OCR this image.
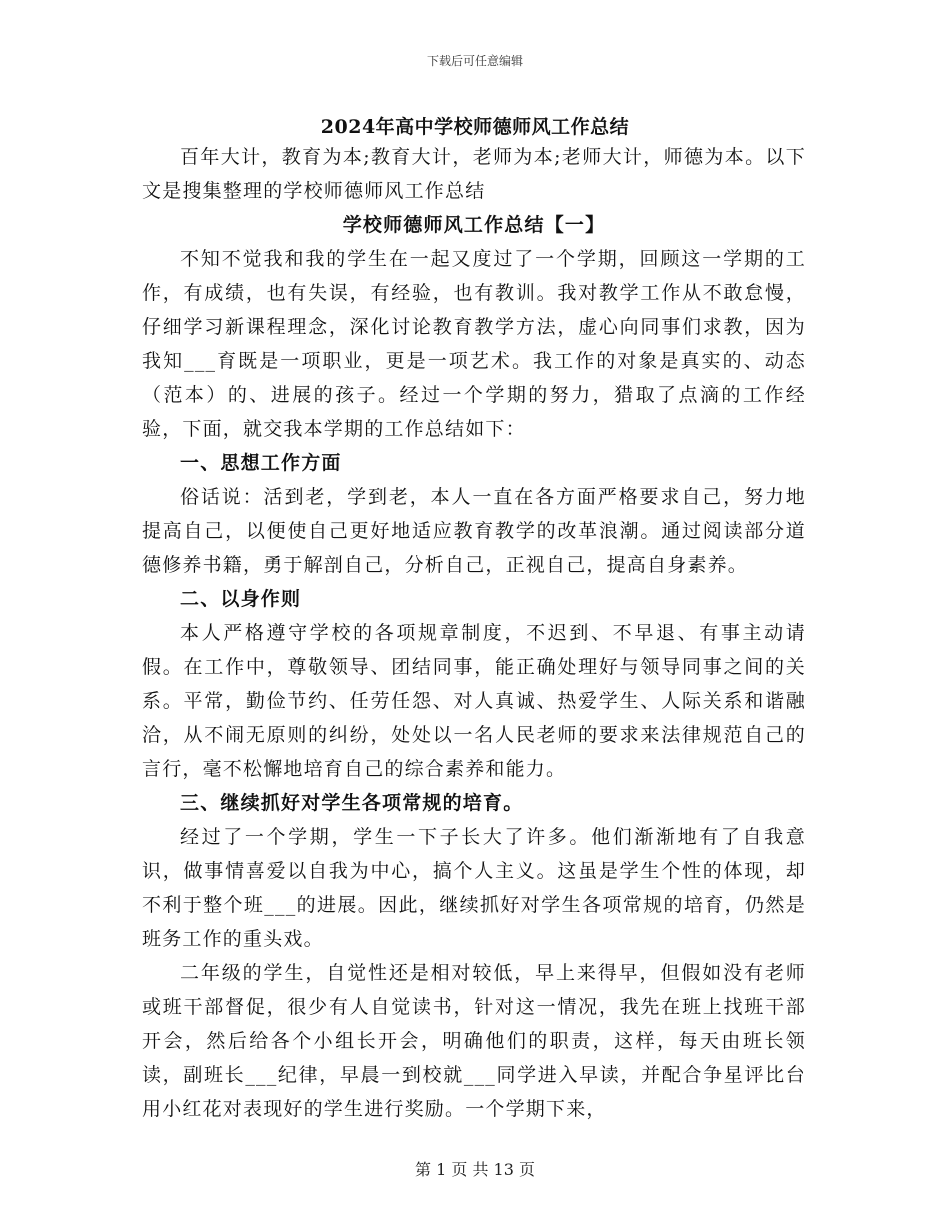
下载后可任意编辑
2024年高中学校师德师风工作总结

百年大计，教育为本;教育大计，老师为本;老师大计，师德为本。以下文是搜集整理的学校师德师风工作总结

学校师德师风工作总结【一】

不知不觉我和我的学生在一起又度过了一个学期，回顾这一学期的工作，有成绩，也有失误，有经验，也有教训。我对教学工作从不敢怠慢，仔细学习新课程理念，深化讨论教育教学方法，虚心向同事们求教，因为我知___育既是一项职业，更是一项艺术。我工作的对象是真实的、动态（范本）的、进展的孩子。经过一个学期的努力，猎取了点滴的工作经验，下面，就交我本学期的工作总结如下：

一、思想工作方面

俗话说：活到老，学到老，本人一直在各方面严格要求自己，努力地提高自己，以便使自己更好地适应教育教学的改革浪潮。通过阅读部分道德修养书籍，勇于解剖自己，分析自己，正视自己，提高自身素养。

二、以身作则

本人严格遵守学校的各项规章制度，不迟到、不早退、有事主动请假。在工作中，尊敬领导、团结同事，能正确处理好与领导同事之间的关系。平常，勤俭节约、任劳任怨、对人真诚、热爱学生、人际关系和谐融洽，从不闹无原则的纠纷，处处以一名人民老师的要求来法律规范自己的言行，毫不松懈地培育自己的综合素养和能力。

三、继续抓好对学生各项常规的培育。

经过了一个学期，学生一下子长大了许多。他们渐渐地有了自我意识，做事情喜爱以自我为中心，搞个人主义。这虽是学生个性的体现，却不利于整个班___的进展。因此，继续抓好对学生各项常规的培育，仍然是班务工作的重头戏。

二年级的学生，自觉性还是相对较低，早上来得早，但假如没有老师或班干部督促，很少有人自觉读书，针对这一情况，我先在班上找班干部开会，然后给各个小组长开会，明确他们的职责，这样，每天由班长领读，副班长___纪律，早晨一到校就___同学进入早读，并配合争星评比台用小红花对表现好的学生进行奖励。一个学期下来，

第 1 页 共 13 页
